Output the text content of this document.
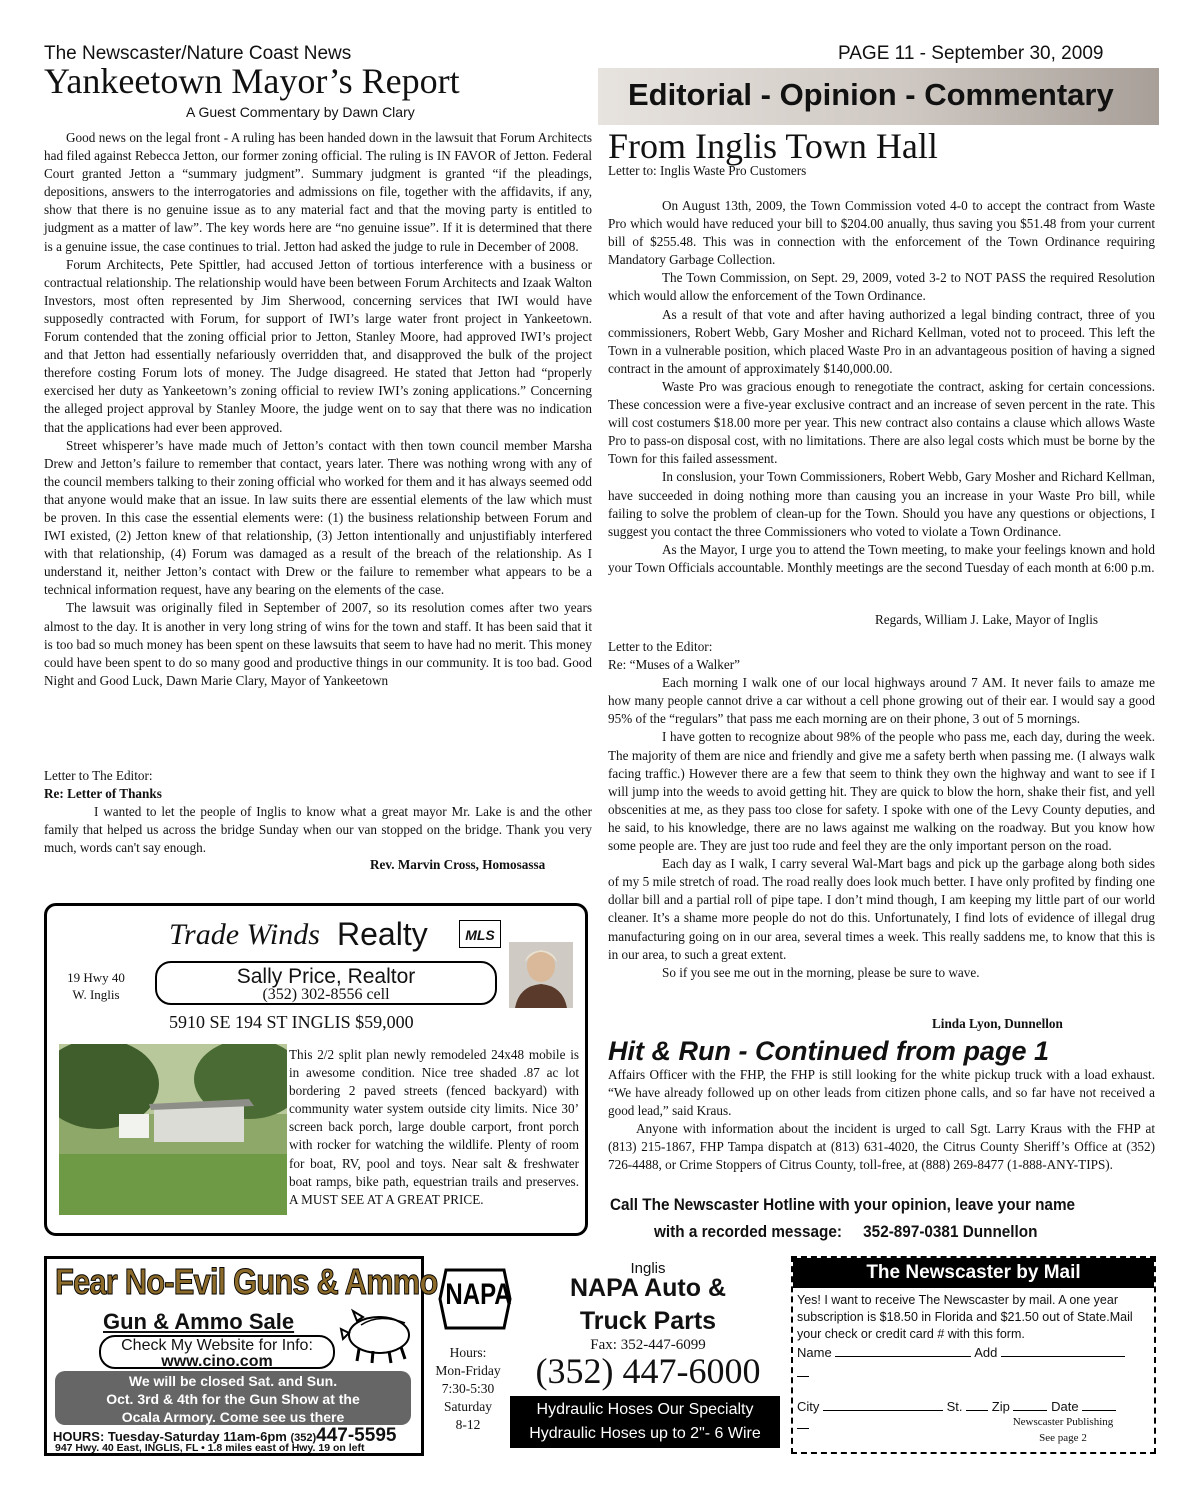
The Newscaster/Nature Coast News	PAGE 11 - September 30, 2009
Yankeetown Mayor’s Report
A Guest Commentary by Dawn Clary	Editorial - Opinion - Commentary

Good news on the legal front - A ruling has been handed down in the lawsuit that Forum Architects had filed against Rebecca Jetton, our former zoning official. The ruling is IN FAVOR of Jetton. Federal Court granted Jetton a “summary judgment”. Summary judgment is granted “if the pleadings, depositions, answers to the interrogatories and admissions on file, together with the affidavits, if any, show that there is no genuine issue as to any material fact and that the moving party is entitled to judgment as a matter of law”. The key words here are “no genuine issue”. If it is determined that there is a genuine issue, the case continues to trial. Jetton had asked the judge to rule in December of 2008.

Forum Architects, Pete Spittler, had accused Jetton of tortious interference with a business or contractual relationship. The relationship would have been between Forum Architects and Izaak Walton Investors, most often represented by Jim Sherwood, concerning services that IWI would have supposedly contracted with Forum, for support of IWI’s large water front project in Yankeetown. Forum contended that the zoning official prior to Jetton, Stanley Moore, had approved IWI’s project and that Jetton had essentially nefariously overridden that, and disapproved the bulk of the project therefore costing Forum lots of money. The Judge disagreed. He stated that Jetton had “properly exercised her duty as Yankeetown’s zoning official to review IWI’s zoning applications.” Concerning the alleged project approval by Stanley Moore, the judge went on to say that there was no indication that the applications had ever been approved.

Street whisperer’s have made much of Jetton’s contact with then town council member Marsha Drew and Jetton’s failure to remember that contact, years later. There was nothing wrong with any of the council members talking to their zoning official who worked for them and it has always seemed odd that anyone would make that an issue. In law suits there are essential elements of the law which must be proven. In this case the essential elements were: (1) the business relationship between Forum and IWI existed, (2) Jetton knew of that relationship, (3) Jetton intentionally and unjustifiably interfered with that relationship, (4) Forum was damaged as a result of the breach of the relationship. As I understand it, neither Jetton’s contact with Drew or the failure to remember what appears to be a technical information request, have any bearing on the elements of the case.

The lawsuit was originally filed in September of 2007, so its resolution comes after two years almost to the day. It is another in very long string of wins for the town and staff. It has been said that it is too bad so much money has been spent on these lawsuits that seem to have had no merit. This money could have been spent to do so many good and productive things in our community. It is too bad. Good Night and Good Luck, Dawn Marie Clary, Mayor of Yankeetown

Letter to The Editor:

Re: Letter of Thanks

I wanted to let the people of Inglis to know what a great mayor Mr. Lake is and the other family that helped us across the bridge Sunday when our van stopped on the bridge. Thank you very much, words can't say enough.

Rev. Marvin Cross, Homosassa
Trade Winds Realty	MLS
19 Hwy 40 W. Inglis
Sally Price, Realtor
(352) 302-8556 cell
5910 SE 194 ST INGLIS $59,000
This 2/2 split plan newly remodeled 24x48 mobile is in awesome condition. Nice tree shaded .87 ac lot bordering 2 paved streets (fenced backyard) with community water system outside city limits. Nice 30’ screen back porch, large double carport, front porch with rocker for watching the wildlife. Plenty of room for boat, RV, pool and toys. Near salt & freshwater boat ramps, bike path, equestrian trails and preserves. A MUST SEE AT A GREAT PRICE.
From Inglis Town Hall
Letter to: Inglis Waste Pro Customers

On August 13th, 2009, the Town Commission voted 4-0 to accept the contract from Waste Pro which would have reduced your bill to $204.00 anually, thus saving you $51.48 from your current bill of $255.48. This was in connection with the enforcement of the Town Ordinance requiring Mandatory Garbage Collection.

The Town Commission, on Sept. 29, 2009, voted 3-2 to NOT PASS the required Resolution which would allow the enforcement of the Town Ordinance.

As a result of that vote and after having authorized a legal binding contract, three of you commissioners, Robert Webb, Gary Mosher and Richard Kellman, voted not to proceed. This left the Town in a vulnerable position, which placed Waste Pro in an advantageous position of having a signed contract in the amount of approximately $140,000.00.

Waste Pro was gracious enough to renegotiate the contract, asking for certain concessions. These concession were a five-year exclusive contract and an increase of seven percent in the rate. This will cost costumers $18.00 more per year. This new contract also contains a clause which allows Waste Pro to pass-on disposal cost, with no limitations. There are also legal costs which must be borne by the Town for this failed assessment.

In conslusion, your Town Commissioners, Robert Webb, Gary Mosher and Richard Kellman, have succeeded in doing nothing more than causing you an increase in your Waste Pro bill, while failing to solve the problem of clean-up for the Town. Should you have any questions or objections, I suggest you contact the three Commissioners who voted to violate a Town Ordinance.

As the Mayor, I urge you to attend the Town meeting, to make your feelings known and hold your Town Officials accountable. Monthly meetings are the second Tuesday of each month at 6:00 p.m.

Regards, William J. Lake, Mayor of Inglis

Letter to the Editor:

Re: “Muses of a Walker”

Each morning I walk one of our local highways around 7 AM. It never fails to amaze me how many people cannot drive a car without a cell phone growing out of their ear. I would say a good 95% of the “regulars” that pass me each morning are on their phone, 3 out of 5 mornings.

I have gotten to recognize about 98% of the people who pass me, each day, during the week. The majority of them are nice and friendly and give me a safety berth when passing me. (I always walk facing traffic.) However there are a few that seem to think they own the highway and want to see if I will jump into the weeds to avoid getting hit. They are quick to blow the horn, shake their fist, and yell obscenities at me, as they pass too close for safety. I spoke with one of the Levy County deputies, and he said, to his knowledge, there are no laws against me walking on the roadway. But you know how some people are. They are just too rude and feel they are the only important person on the road.

Each day as I walk, I carry several Wal-Mart bags and pick up the garbage along both sides of my 5 mile stretch of road. The road really does look much better. I have only profited by finding one dollar bill and a partial roll of pipe tape. I don’t mind though, I am keeping my little part of our world cleaner. It’s a shame more people do not do this. Unfortunately, I find lots of evidence of illegal drug manufacturing going on in our area, several times a week. This really saddens me, to know that this is in our area, to such a great extent.

So if you see me out in the morning, please be sure to wave.

Linda Lyon, Dunnellon
Hit & Run - Continued from page 1

Affairs Officer with the FHP, the FHP is still looking for the white pickup truck with a load exhaust. “We have already followed up on other leads from citizen phone calls, and so far have not received a good lead,” said Kraus.

Anyone with information about the incident is urged to call Sgt. Larry Kraus with the FHP at (813) 215-1867, FHP Tampa dispatch at (813) 631-4020, the Citrus County Sheriff’s Office at (352) 726-4488, or Crime Stoppers of Citrus County, toll-free, at (888) 269-8477 (1-888-ANY-TIPS).

Call The Newscaster Hotline with your opinion, leave your name
with a recorded message:     352-897-0381 Dunnellon
Fear No-Evil Guns & Ammo
Gun & Ammo Sale
Check My Website for Info:
www.cino.com
We will be closed Sat. and Sun.
Oct. 3rd & 4th for the Gun Show at the
Ocala Armory. Come see us there
HOURS: Tuesday-Saturday 11am-6pm (352)447-5595
947 Hwy. 40 East, INGLIS, FL • 1.8 miles east of Hwy. 19 on left
NAPA
Hours:
Mon-Friday
7:30-5:30
Saturday
8-12
Inglis
NAPA Auto &
Truck Parts
Fax: 352-447-6099
(352) 447-6000
Hydraulic Hoses Our Specialty
Hydraulic Hoses up to 2"- 6 Wire
The Newscaster by Mail
Yes! I want to receive The Newscaster by mail. A one year subscription is $18.50 in Florida and $21.50 out of State.Mail your check or credit card # with this form.
Name	Add
City	St. Zip	Date
Newscaster Publishing
See page 2
